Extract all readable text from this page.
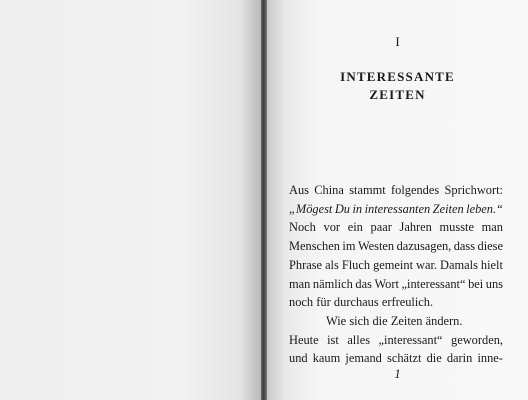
I
INTERESSANTE
ZEITEN
Aus China stammt folgendes Sprichwort:
„Mögest Du in interessanten Zeiten leben.“
Noch vor ein paar Jahren musste man
Menschen im Westen dazusagen, dass diese
Phrase als Fluch gemeint war. Damals hielt
man nämlich das Wort „interessant“ bei uns
noch für durchaus erfreulich.
Wie sich die Zeiten ändern.
Heute ist alles „interessant“ geworden,
und kaum jemand schätzt die darin inne-
1
